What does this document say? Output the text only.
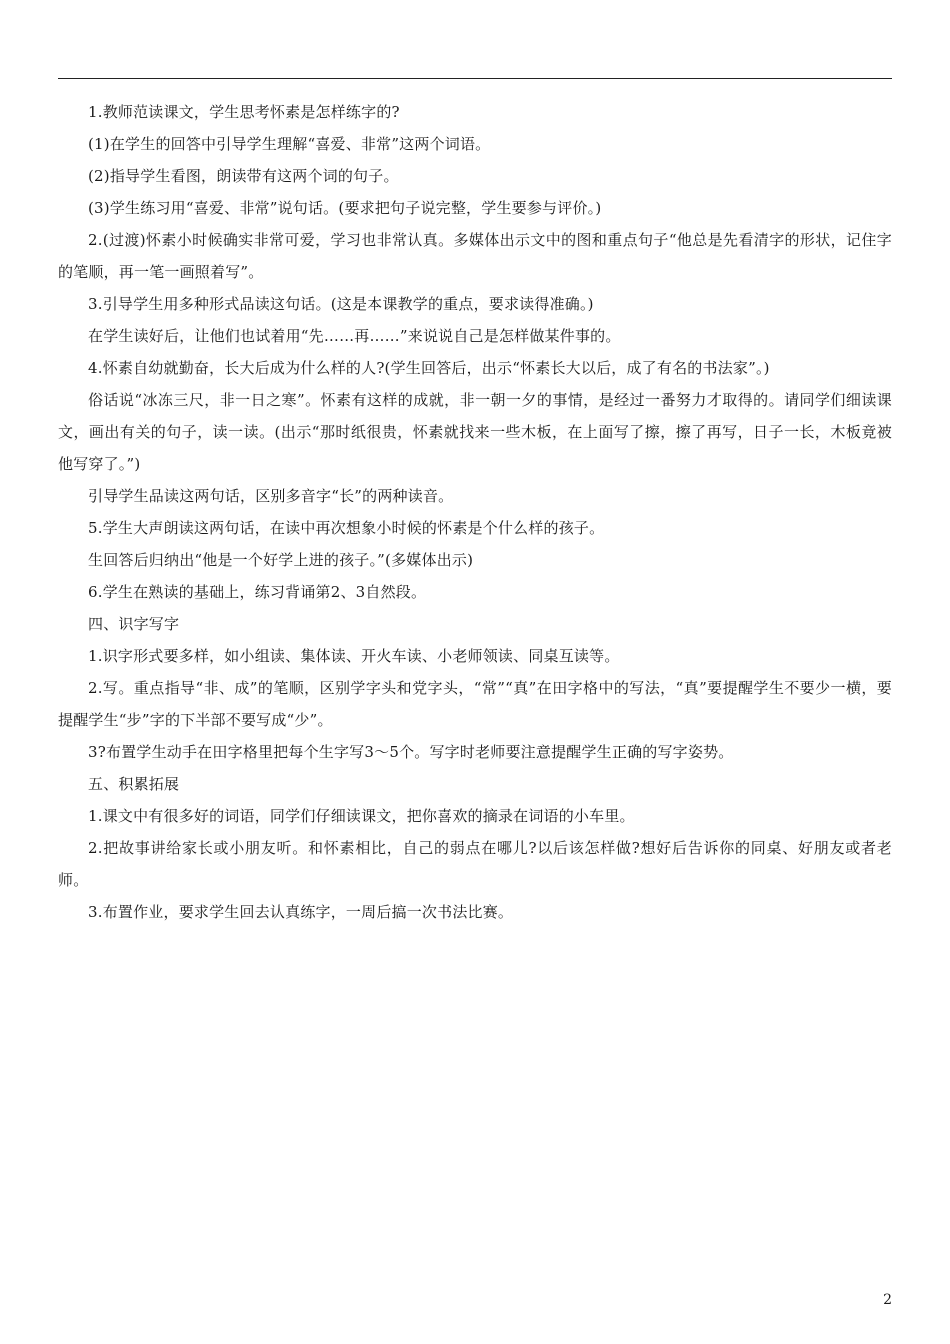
1.教师范读课文，学生思考怀素是怎样练字的?

(1)在学生的回答中引导学生理解“喜爱、非常”这两个词语。

(2)指导学生看图，朗读带有这两个词的句子。

(3)学生练习用“喜爱、非常”说句话。(要求把句子说完整，学生要参与评价。)

2.(过渡)怀素小时候确实非常可爱，学习也非常认真。多媒体出示文中的图和重点句子“他总是先看清字的形状，记住字的笔顺，再一笔一画照着写”。

3.引导学生用多种形式品读这句话。(这是本课教学的重点，要求读得准确。)

在学生读好后，让他们也试着用“先……再……”来说说自己是怎样做某件事的。

4.怀素自幼就勤奋，长大后成为什么样的人?(学生回答后，出示“怀素长大以后，成了有名的书法家”。)

俗话说“冰冻三尺，非一日之寒”。怀素有这样的成就，非一朝一夕的事情，是经过一番努力才取得的。请同学们细读课文，画出有关的句子，读一读。(出示“那时纸很贵，怀素就找来一些木板，在上面写了擦，擦了再写，日子一长，木板竟被他写穿了。”)

引导学生品读这两句话，区别多音字“长”的两种读音。

5.学生大声朗读这两句话，在读中再次想象小时候的怀素是个什么样的孩子。

生回答后归纳出“他是一个好学上进的孩子。”(多媒体出示)

6.学生在熟读的基础上，练习背诵第2、3自然段。

四、识字写字

1.识字形式要多样，如小组读、集体读、开火车读、小老师领读、同桌互读等。

2.写。重点指导“非、成”的笔顺，区别学字头和党字头，“常”“真”在田字格中的写法，“真”要提醒学生不要少一横，要提醒学生“步”字的下半部不要写成“少”。

3?布置学生动手在田字格里把每个生字写3～5个。写字时老师要注意提醒学生正确的写字姿势。

五、积累拓展

1.课文中有很多好的词语，同学们仔细读课文，把你喜欢的摘录在词语的小车里。

2.把故事讲给家长或小朋友听。和怀素相比，自己的弱点在哪儿?以后该怎样做?想好后告诉你的同桌、好朋友或者老师。

3.布置作业，要求学生回去认真练字，一周后搞一次书法比赛。

2
